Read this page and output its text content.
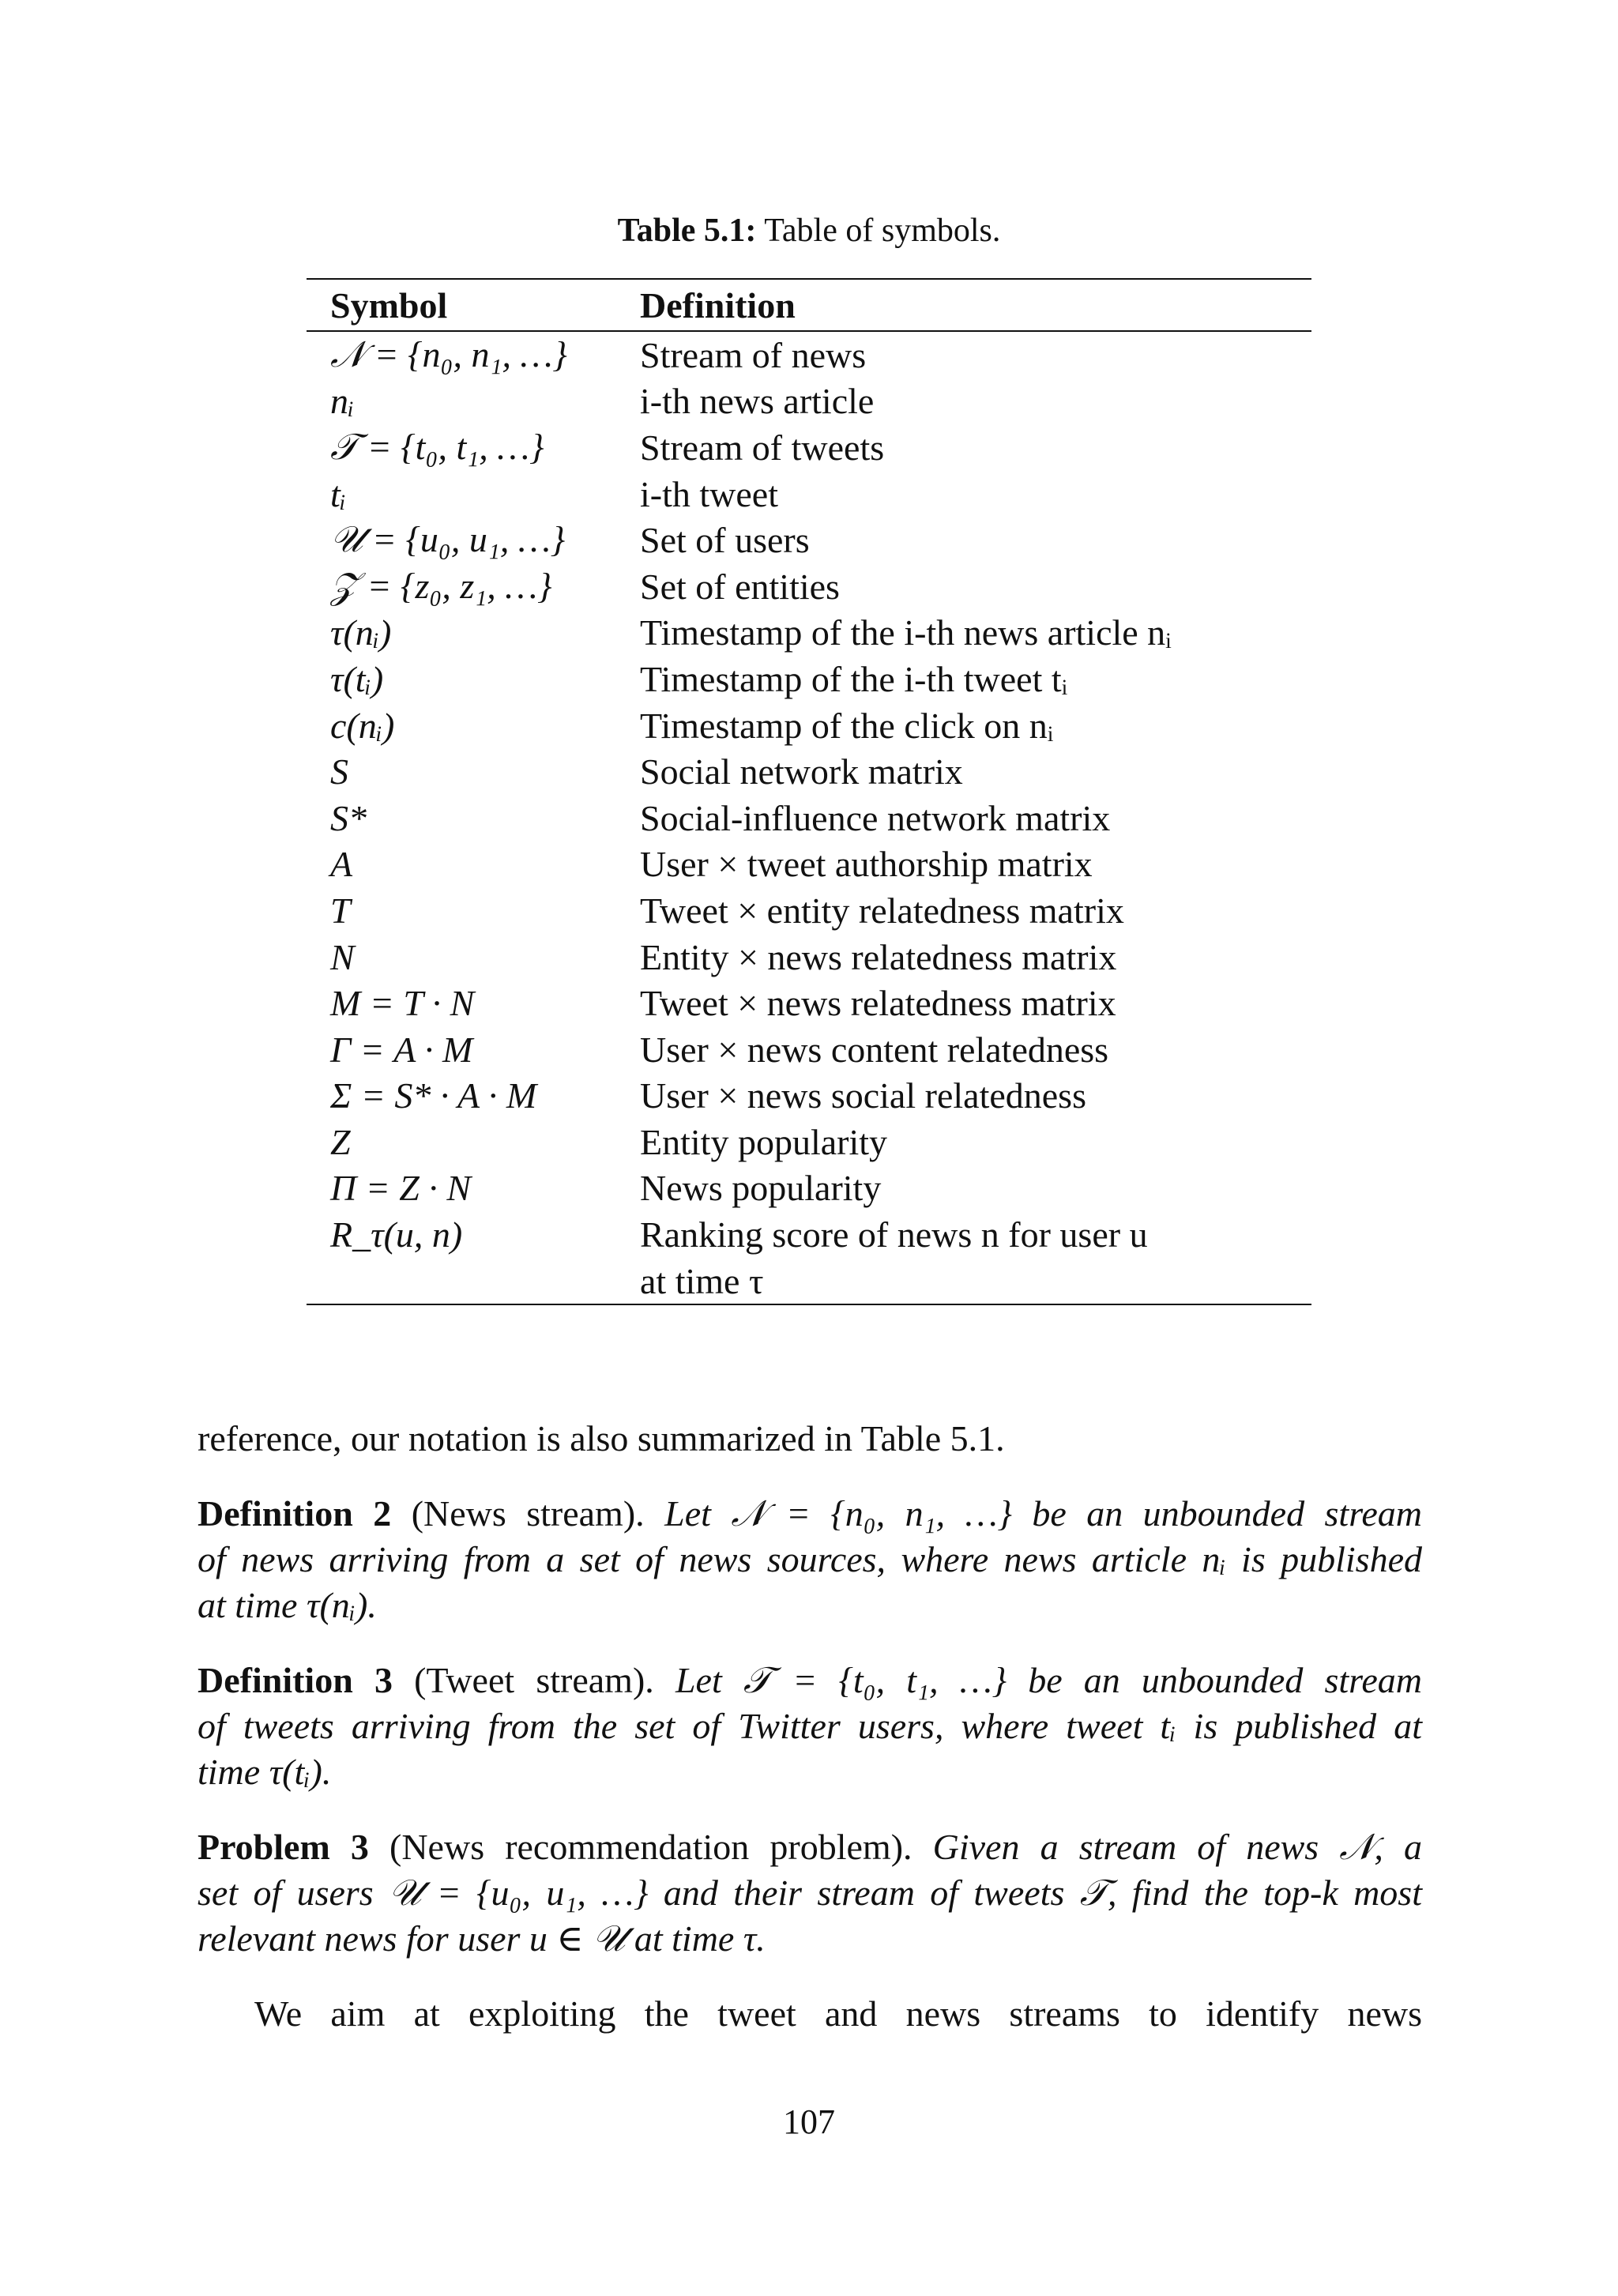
Table 5.1: Table of symbols.
Symbol	Definition
𝒩 = {n₀, n₁, …}	Stream of news
nᵢ	i-th news article
𝒯 = {t₀, t₁, …}	Stream of tweets
tᵢ	i-th tweet
𝒰 = {u₀, u₁, …}	Set of users
𝒵 = {z₀, z₁, …}	Set of entities
τ(nᵢ)	Timestamp of the i-th news article nᵢ
τ(tᵢ)	Timestamp of the i-th tweet tᵢ
c(nᵢ)	Timestamp of the click on nᵢ
S	Social network matrix
S*	Social-influence network matrix
A	User × tweet authorship matrix
T	Tweet × entity relatedness matrix
N	Entity × news relatedness matrix
M = T · N	Tweet × news relatedness matrix
Γ = A · M	User × news content relatedness
Σ = S* · A · M	User × news social relatedness
Z	Entity popularity
Π = Z · N	News popularity
R_τ(u, n)	Ranking score of news n for user u
at time τ
reference, our notation is also summarized in Table 5.1.
Definition 2 (News stream). Let 𝒩 = {n₀, n₁, …} be an unbounded stream
of news arriving from a set of news sources, where news article nᵢ is published
at time τ(nᵢ).
Definition 3 (Tweet stream). Let 𝒯 = {t₀, t₁, …} be an unbounded stream
of tweets arriving from the set of Twitter users, where tweet tᵢ is published at
time τ(tᵢ).
Problem 3 (News recommendation problem). Given a stream of news 𝒩, a
set of users 𝒰 = {u₀, u₁, …} and their stream of tweets 𝒯, find the top-k most
relevant news for user u ∈ 𝒰 at time τ.
We aim at exploiting the tweet and news streams to identify news
107
